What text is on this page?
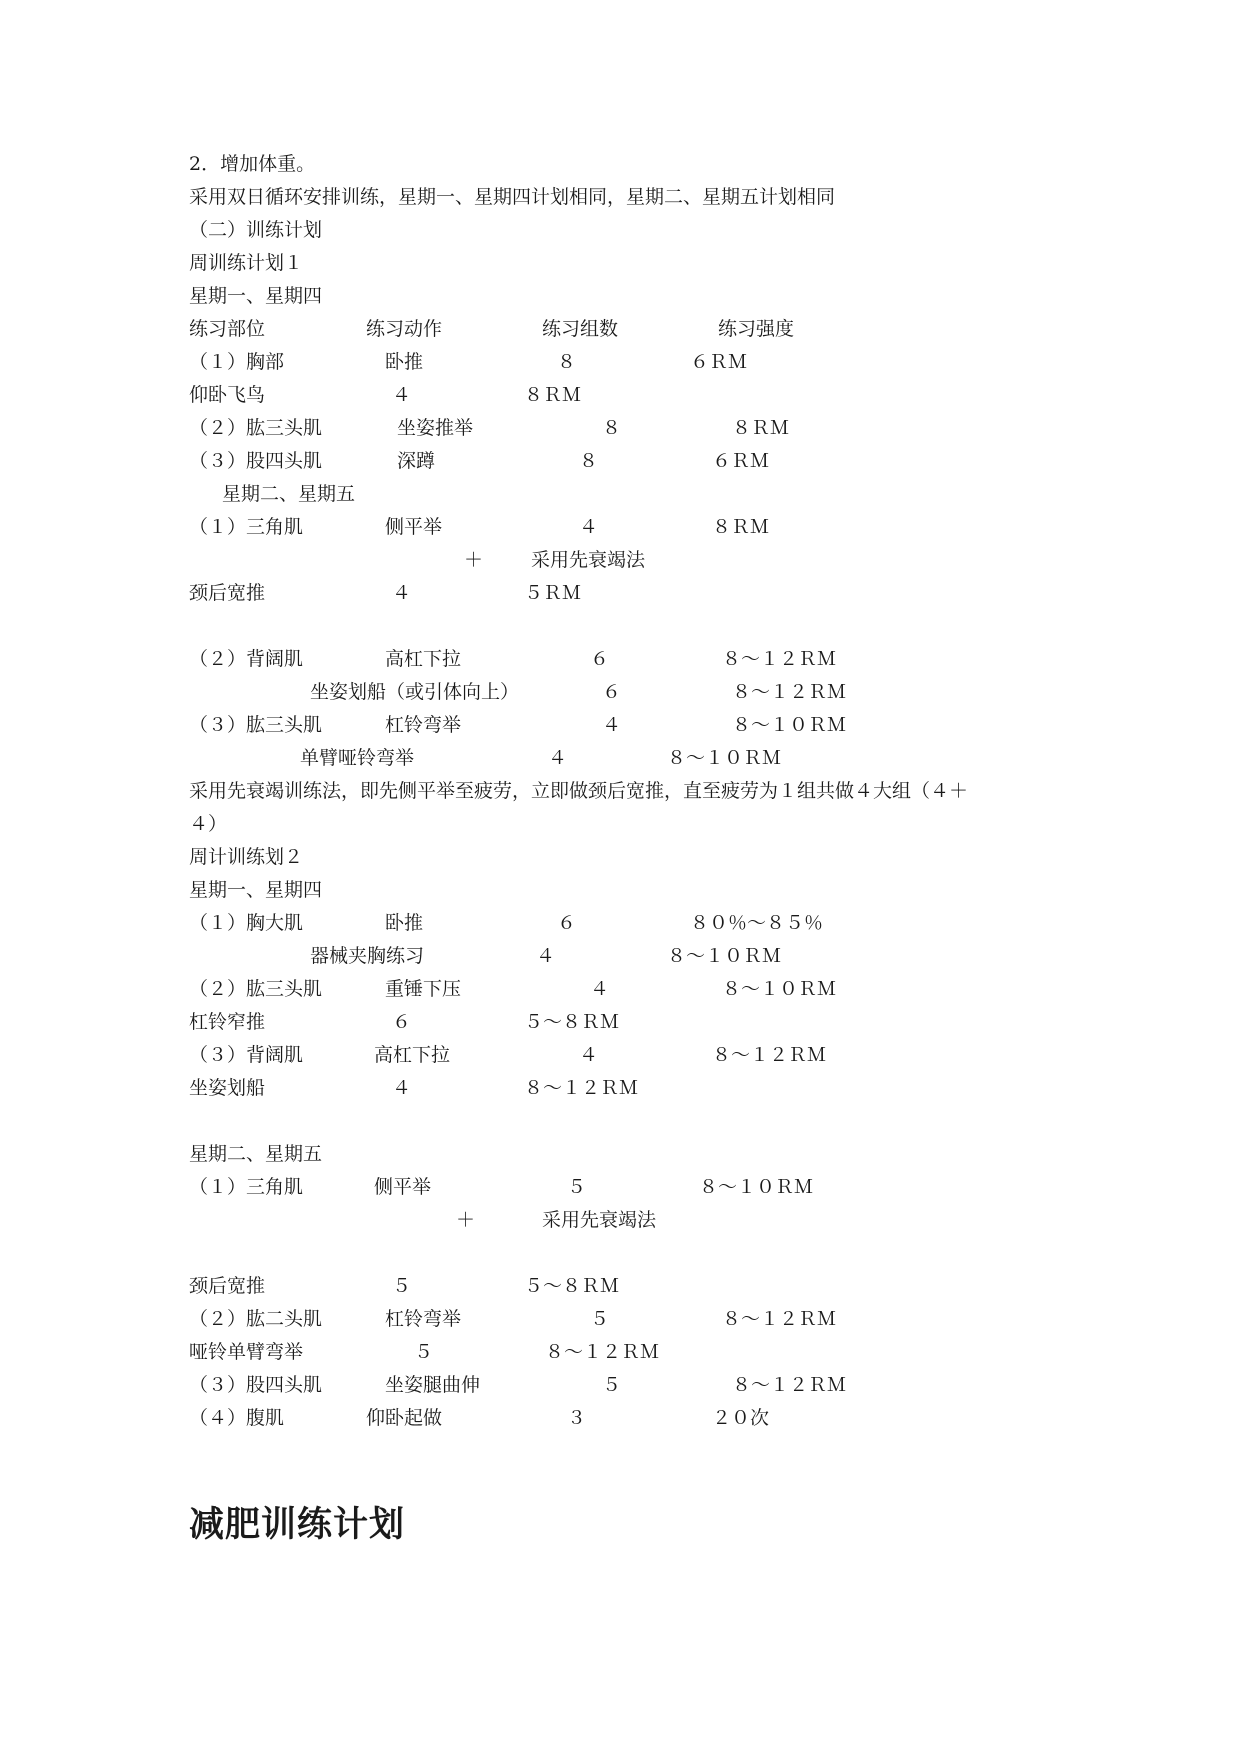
2．增加体重。
采用双日循环安排训练，星期一、星期四计划相同，星期二、星期五计划相同
（二）训练计划
周训练计划１
星期一、星期四
练习部位	练习动作	练习组数	练习强度
（１）胸部	卧推	８	６ＲＭ
仰卧飞鸟	４	８ＲＭ
（２）肱三头肌	坐姿推举	８	８ＲＭ
（３）股四头肌	深蹲	８	６ＲＭ
星期二、星期五
（１）三角肌	侧平举	４	８ＲＭ
＋	采用先衰竭法
颈后宽推	４	５ＲＭ
（２）背阔肌	高杠下拉	６	８～１２ＲＭ
坐姿划船（或引体向上）	６	８～１２ＲＭ
（３）肱三头肌	杠铃弯举	４	８～１０ＲＭ
单臂哑铃弯举	４	８～１０ＲＭ
采用先衰竭训练法，即先侧平举至疲劳，立即做颈后宽推，直至疲劳为１组共做４大组（４＋
４）
周计训练划２
星期一、星期四
（１）胸大肌	卧推	６	８０％～８５％
器械夹胸练习	４	８～１０ＲＭ
（２）肱三头肌	重锤下压	４	８～１０ＲＭ
杠铃窄推	６	５～８ＲＭ
（３）背阔肌	高杠下拉	４	８～１２ＲＭ
坐姿划船	４	８～１２ＲＭ
星期二、星期五
（１）三角肌	侧平举	５	８～１０ＲＭ
＋	采用先衰竭法
颈后宽推	５	５～８ＲＭ
（２）肱二头肌	杠铃弯举	５	８～１２ＲＭ
哑铃单臂弯举	５	８～１２ＲＭ
（３）股四头肌	坐姿腿曲伸	５	８～１２ＲＭ
（４）腹肌	仰卧起做	３	２０次
减肥训练计划
